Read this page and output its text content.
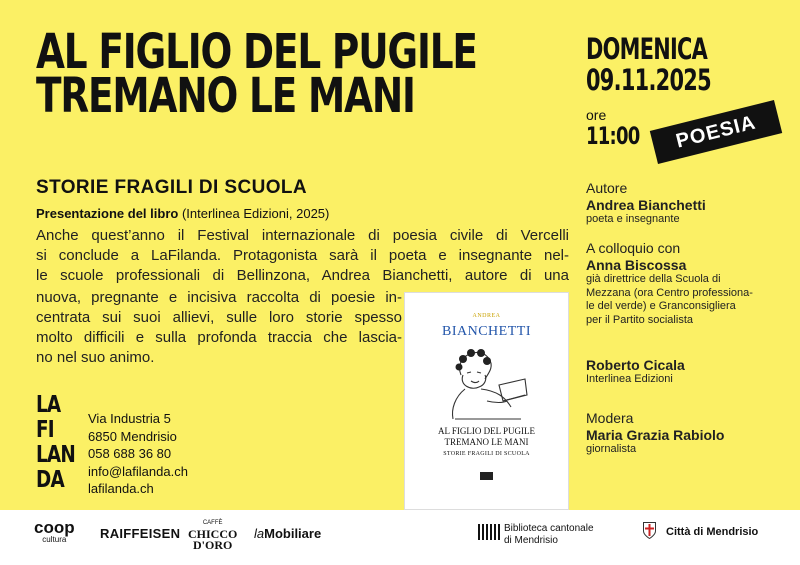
AL FIGLIO DEL PUGILE
TREMANO LE MANI
STORIE FRAGILI DI SCUOLA
Presentazione del libro (Interlinea Edizioni, 2025)
Anche quest’anno il Festival internazionale di poesia civile di Vercelli
si conclude a LaFilanda. Protagonista sarà il poeta e insegnante nel-
le scuole professionali di Bellinzona, Andrea Bianchetti, autore di una
nuova, pregnante e incisiva raccolta di poesie in-
centrata sui suoi allievi, sulle loro storie spesso
molto difficili e sulla profonda traccia che lascia-
no nel suo animo.
LA
FI
LAN
DA
Via Industria 5
6850 Mendrisio
058 688 36 80
info@lafilanda.ch
lafilanda.ch
ANDREA
BIANCHETTI
AL FIGLIO DEL PUGILE
TREMANO LE MANI
STORIE FRAGILI DI SCUOLA
DOMENICA
09.11.2025
ore
11:00	POESIA
Autore
Andrea Bianchetti
poeta e insegnante
A colloquio con
Anna Biscossa
già direttrice della Scuola di
Mezzana (ora Centro professiona-
le del verde) e Granconsigliera
per il Partito socialista
Roberto Cicala
Interlinea Edizioni
Modera
Maria Grazia Rabiolo
giornalista
coop
cultura	RAIFFEISEN
CAFFÈ
CHICCO
D'ORO
laMobiliare	Biblioteca cantonale
di Mendrisio
Città di Mendrisio
